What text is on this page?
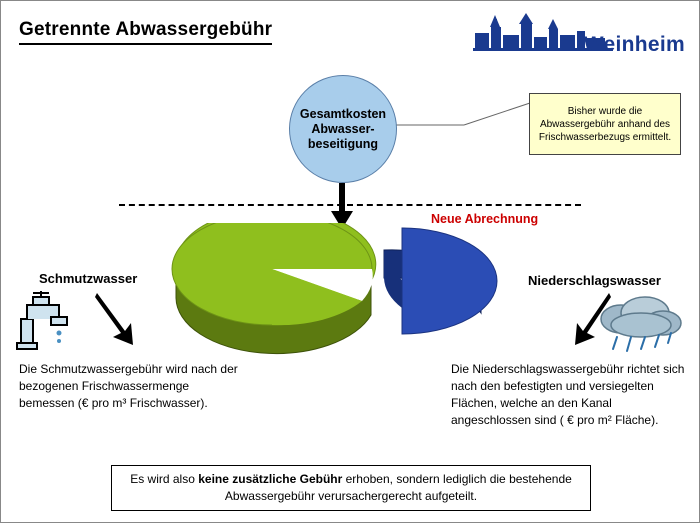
Getrennte Abwassergebühr
Weinheim
Bisher wurde die Abwassergebühr anhand des Frischwasserbezugs ermittelt.
Gesamtkosten
Abwasser-
beseitigung
Neue Abrechnung
Schmutzwasser	Niederschlagswasser
Die Schmutzwassergebühr wird nach der bezogenen Frischwassermenge bemessen (€ pro m³ Frischwasser).
Die Niederschlagswassergebühr richtet sich nach den befestigten und versiegelten Flächen, welche an den Kanal angeschlossen sind ( € pro m² Fläche).
Es wird also keine zusätzliche Gebühr erhoben, sondern lediglich die bestehende Abwassergebühr verursachergerecht aufgeteilt.
